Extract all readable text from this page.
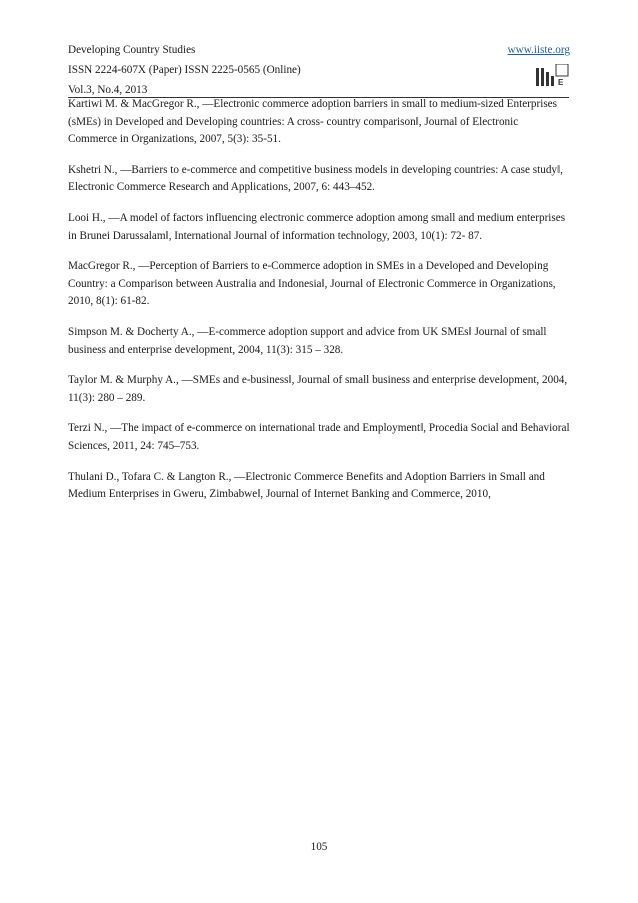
Developing Country Studies
ISSN 2224-607X (Paper) ISSN 2225-0565 (Online)
Vol.3, No.4, 2013
www.iiste.org
E

Kartiwi M. & MacGregor R., ―Electronic commerce adoption barriers in small to medium-sized Enterprises (sMEs) in Developed and Developing countries: A cross- country comparison‖, Journal of Electronic Commerce in Organizations, 2007, 5(3): 35-51.

Kshetri N., ―Barriers to e-commerce and competitive business models in developing countries: A case study‖, Electronic Commerce Research and Applications, 2007, 6: 443–452.

Looi H., ―A model of factors influencing electronic commerce adoption among small and medium enterprises in Brunei Darussalam‖, International Journal of information technology, 2003, 10(1): 72- 87.

MacGregor R., ―Perception of Barriers to e-Commerce adoption in SMEs in a Developed and Developing Country: a Comparison between Australia and Indonesia‖, Journal of Electronic Commerce in Organizations, 2010, 8(1): 61-82.

Simpson M. & Docherty A., ―E-commerce adoption support and advice from UK SMEs‖ Journal of small business and enterprise development, 2004, 11(3): 315 – 328.

Taylor M. & Murphy A., ―SMEs and e-business‖, Journal of small business and enterprise development, 2004, 11(3): 280 – 289.

Terzi N., ―The impact of e-commerce on international trade and Employment‖, Procedia Social and Behavioral Sciences, 2011, 24: 745–753.

Thulani D., Tofara C. & Langton R., ―Electronic Commerce Benefits and Adoption Barriers in Small and Medium Enterprises in Gweru, Zimbabwe‖, Journal of Internet Banking and Commerce, 2010,

105
